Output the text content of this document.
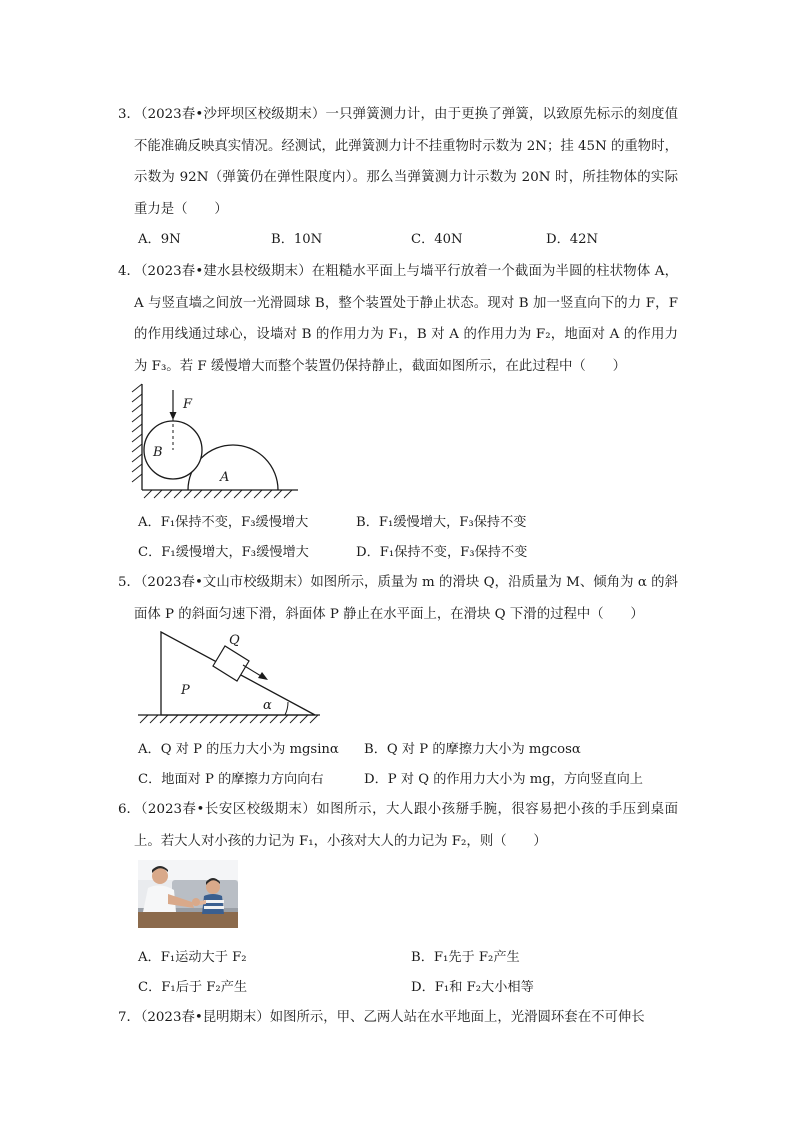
3．
（2023春•沙坪坝区校级期末）一只弹簧测力计，由于更换了弹簧，以致原先标示的刻度值不能准确反映真实情况。经测试，此弹簧测力计不挂重物时示数为 2N；挂 45N 的重物时，示数为 92N（弹簧仍在弹性限度内）。那么当弹簧测力计示数为 20N 时，所挂物体的实际重力是（　　）
A．9N	B．10N	C．40N	D．42N
4．
（2023春•建水县校级期末）在粗糙水平面上与墙平行放着一个截面为半圆的柱状物体 A，A 与竖直墙之间放一光滑圆球 B，整个装置处于静止状态。现对 B 加一竖直向下的力 F，F 的作用线通过球心，设墙对 B 的作用力为 F₁，B 对 A 的作用力为 F₂，地面对 A 的作用力为 F₃。若 F 缓慢增大而整个装置仍保持静止，截面如图所示，在此过程中（　　）
F
B
A
A．F₁保持不变，F₃缓慢增大	B．F₁缓慢增大，F₃保持不变
C．F₁缓慢增大，F₃缓慢增大	D．F₁保持不变，F₃保持不变
5．
（2023春•文山市校级期末）如图所示，质量为 m 的滑块 Q，沿质量为 M、倾角为 α 的斜面体 P 的斜面匀速下滑，斜面体 P 静止在水平面上，在滑块 Q 下滑的过程中（　　）
Q
P
α
A．Q 对 P 的压力大小为 mgsinα B．Q 对 P 的摩擦力大小为 mgcosα
C．地面对 P 的摩擦力方向向右	D．P 对 Q 的作用力大小为 mg，方向竖直向上
6．
（2023春•长安区校级期末）如图所示，大人跟小孩掰手腕，很容易把小孩的手压到桌面上。若大人对小孩的力记为 F₁，小孩对大人的力记为 F₂，则（　　）
A．F₁运动大于 F₂	B．F₁先于 F₂产生
C．F₁后于 F₂产生	D．F₁和 F₂大小相等
7．
（2023春•昆明期末）如图所示，甲、乙两人站在水平地面上，光滑圆环套在不可伸长
